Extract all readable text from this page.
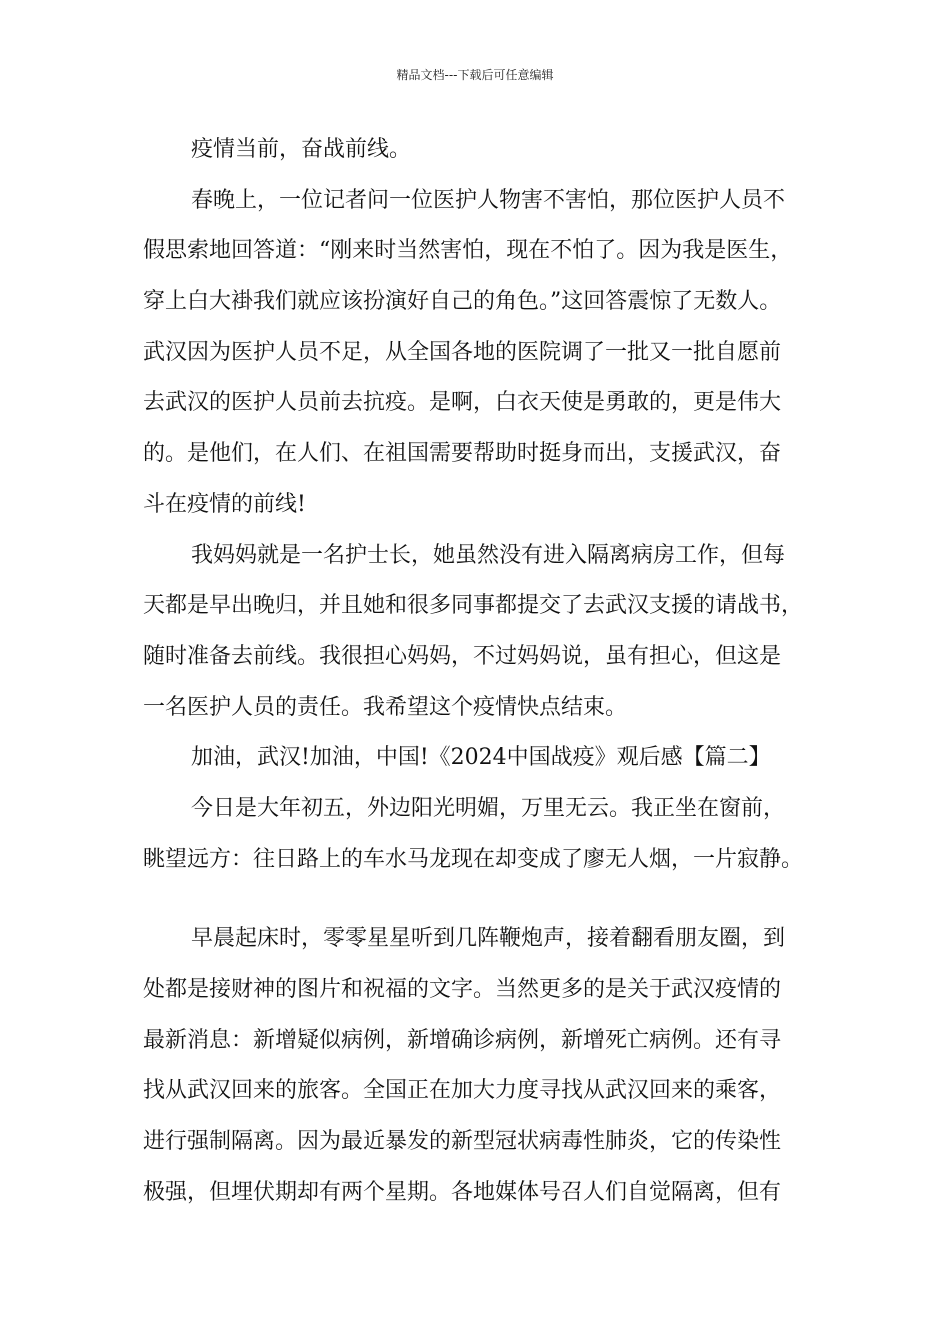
精品文档---下载后可任意编辑
疫情当前，奋战前线。
春晚上，一位记者问一位医护人物害不害怕，那位医护人员不
假思索地回答道：“刚来时当然害怕，现在不怕了。因为我是医生，
穿上白大褂我们就应该扮演好自己的角色。”这回答震惊了无数人。
武汉因为医护人员不足，从全国各地的医院调了一批又一批自愿前
去武汉的医护人员前去抗疫。是啊，白衣天使是勇敢的，更是伟大
的。是他们，在人们、在祖国需要帮助时挺身而出，支援武汉，奋
斗在疫情的前线!
我妈妈就是一名护士长，她虽然没有进入隔离病房工作，但每
天都是早出晚归，并且她和很多同事都提交了去武汉支援的请战书，
随时准备去前线。我很担心妈妈，不过妈妈说，虽有担心，但这是
一名医护人员的责任。我希望这个疫情快点结束。
加油，武汉!加油，中国!《2024中国战疫》观后感【篇二】
今日是大年初五，外边阳光明媚，万里无云。我正坐在窗前，
眺望远方：往日路上的车水马龙现在却变成了廖无人烟，一片寂静。
早晨起床时，零零星星听到几阵鞭炮声，接着翻看朋友圈，到
处都是接财神的图片和祝福的文字。当然更多的是关于武汉疫情的
最新消息：新增疑似病例，新增确诊病例，新增死亡病例。还有寻
找从武汉回来的旅客。全国正在加大力度寻找从武汉回来的乘客，
进行强制隔离。因为最近暴发的新型冠状病毒性肺炎，它的传染性
极强，但埋伏期却有两个星期。各地媒体号召人们自觉隔离，但有
